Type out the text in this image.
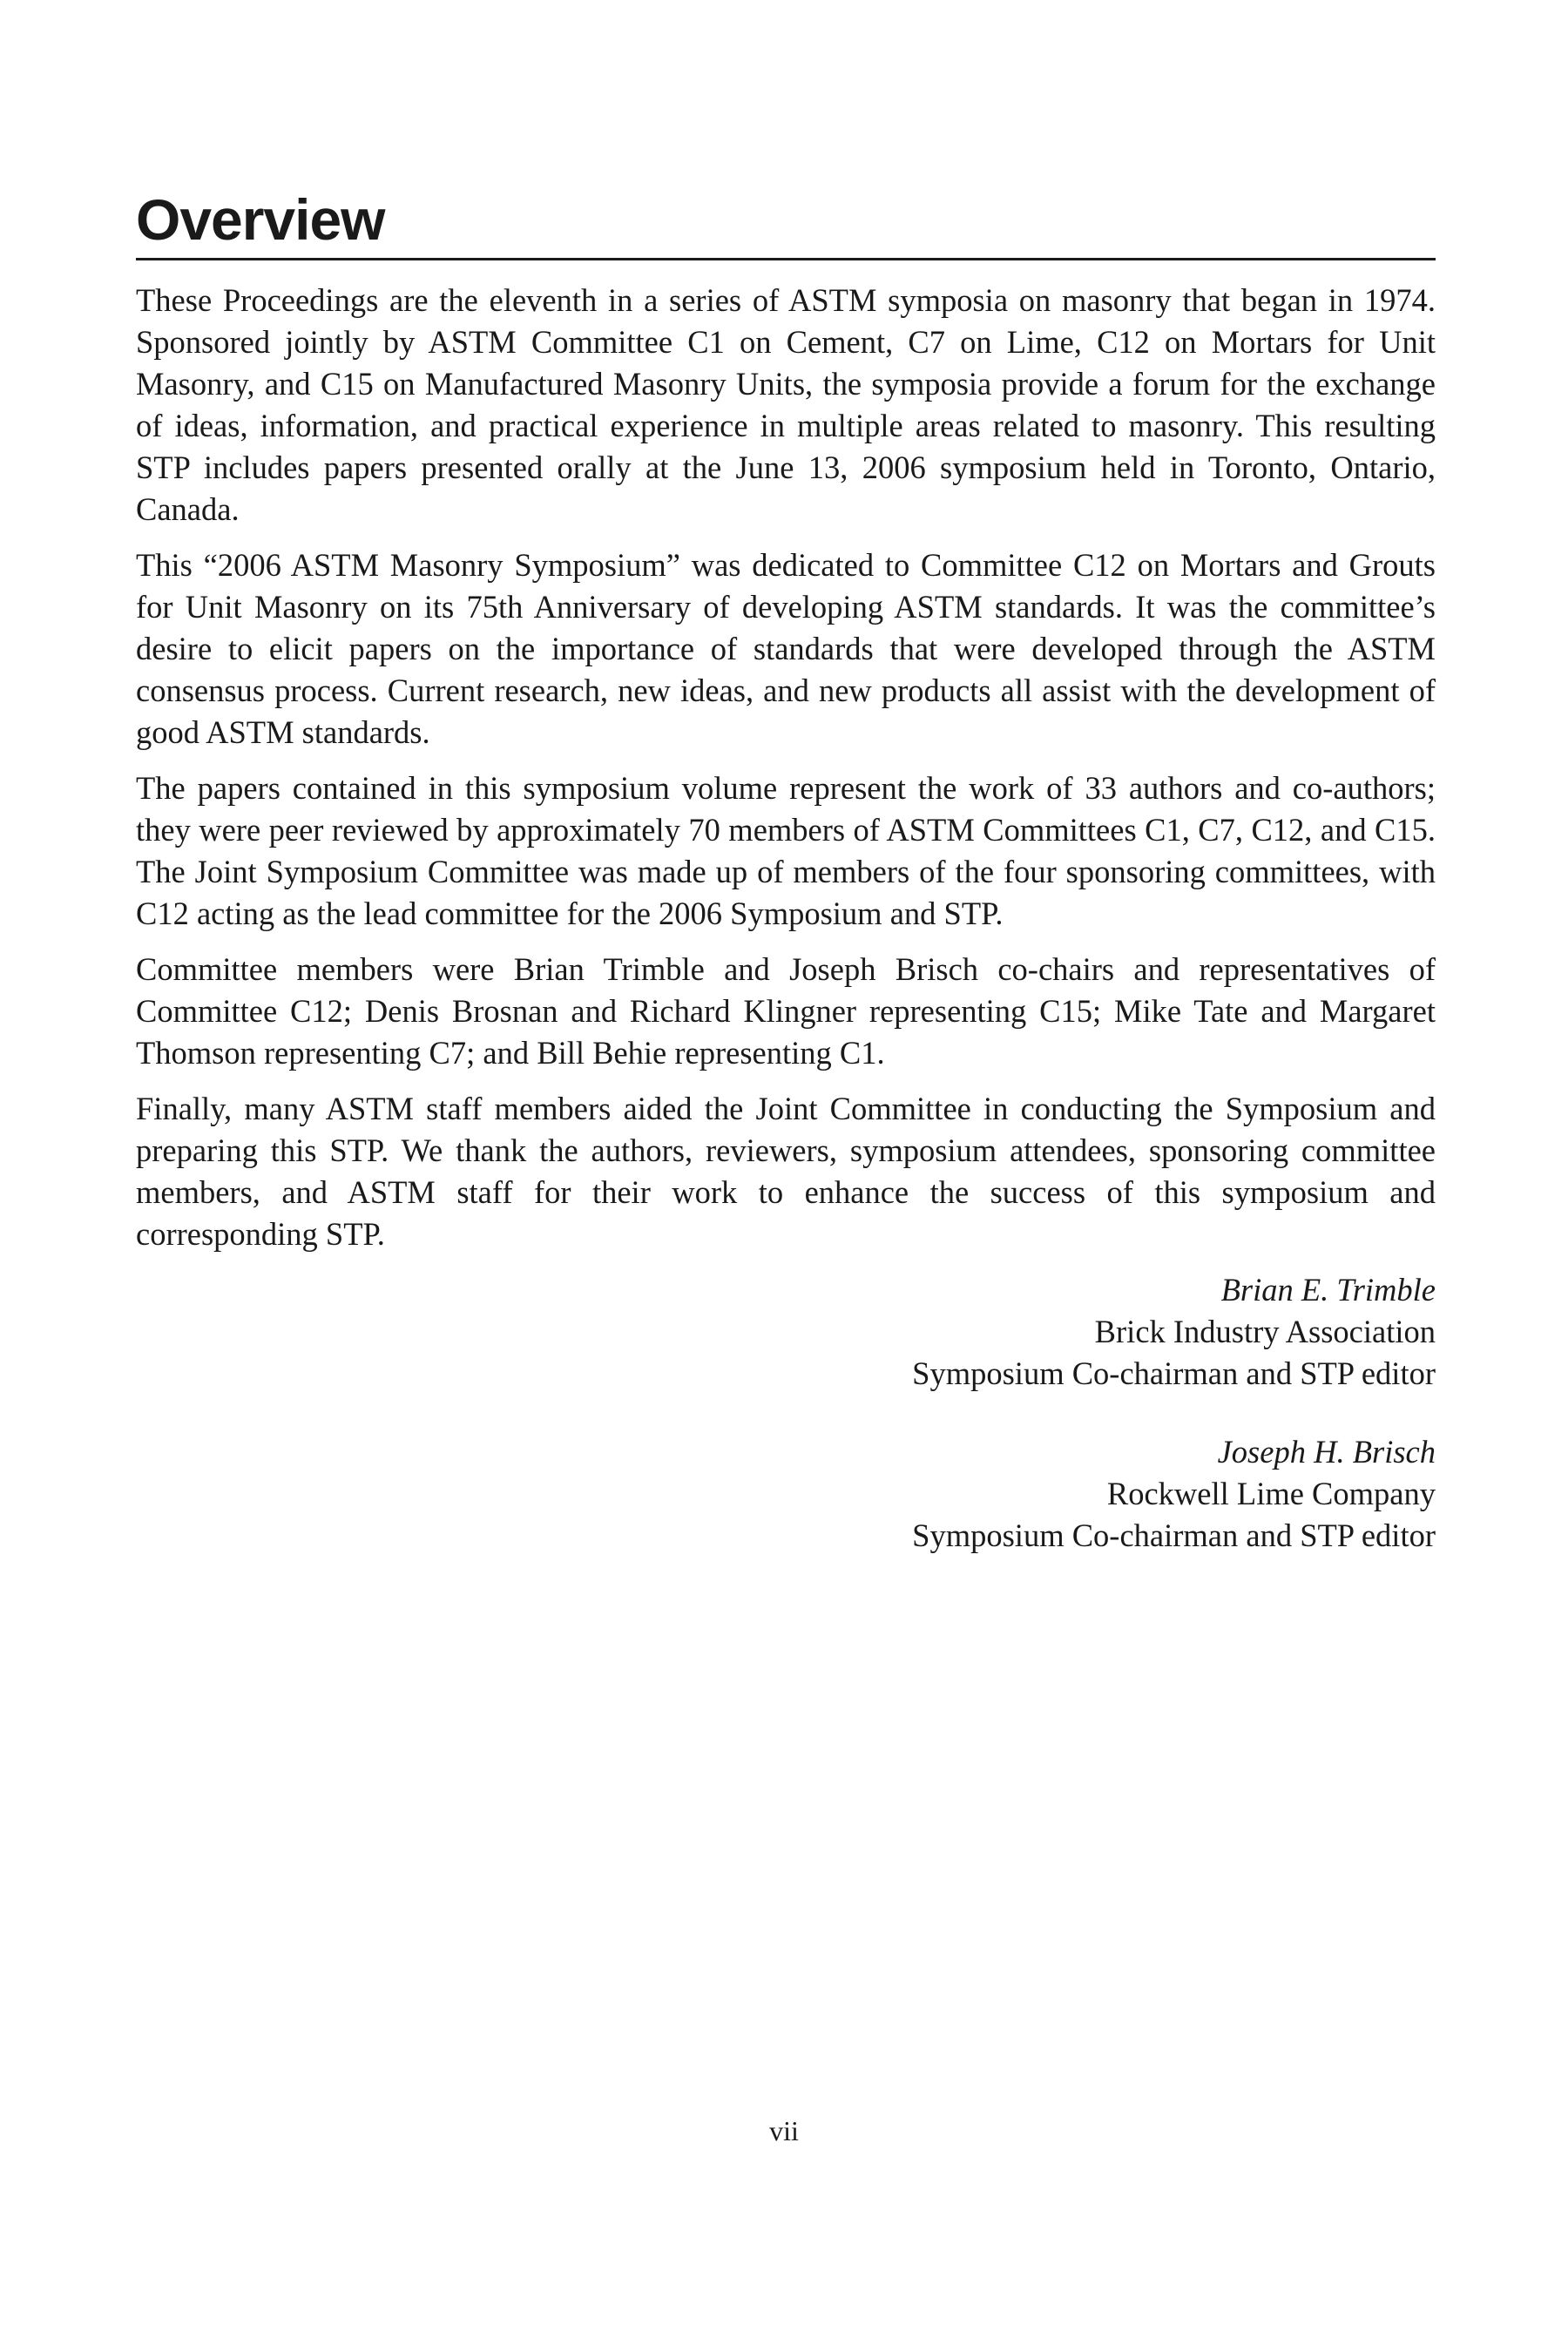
Overview

These Proceedings are the eleventh in a series of ASTM symposia on masonry that began in 1974. Sponsored jointly by ASTM Committee C1 on Cement, C7 on Lime, C12 on Mortars for Unit Masonry, and C15 on Manufactured Masonry Units, the symposia provide a forum for the exchange of ideas, information, and practical experience in multiple areas related to masonry. This resulting STP includes papers presented orally at the June 13, 2006 symposium held in Toronto, Ontario, Canada.

This “2006 ASTM Masonry Symposium” was dedicated to Committee C12 on Mortars and Grouts for Unit Masonry on its 75th Anniversary of developing ASTM standards. It was the committee’s desire to elicit papers on the importance of standards that were developed through the ASTM consensus process. Current research, new ideas, and new products all assist with the development of good ASTM standards.

The papers contained in this symposium volume represent the work of 33 authors and co-authors; they were peer reviewed by approximately 70 members of ASTM Committees C1, C7, C12, and C15. The Joint Symposium Committee was made up of members of the four sponsoring committees, with C12 acting as the lead committee for the 2006 Symposium and STP.

Committee members were Brian Trimble and Joseph Brisch co-chairs and representatives of Committee C12; Denis Brosnan and Richard Klingner representing C15; Mike Tate and Margaret Thomson representing C7; and Bill Behie representing C1.

Finally, many ASTM staff members aided the Joint Committee in conducting the Symposium and preparing this STP. We thank the authors, reviewers, symposium attendees, sponsoring committee members, and ASTM staff for their work to enhance the success of this symposium and corresponding STP.

Brian E. Trimble
Brick Industry Association
Symposium Co-chairman and STP editor
Joseph H. Brisch
Rockwell Lime Company
Symposium Co-chairman and STP editor
vii
